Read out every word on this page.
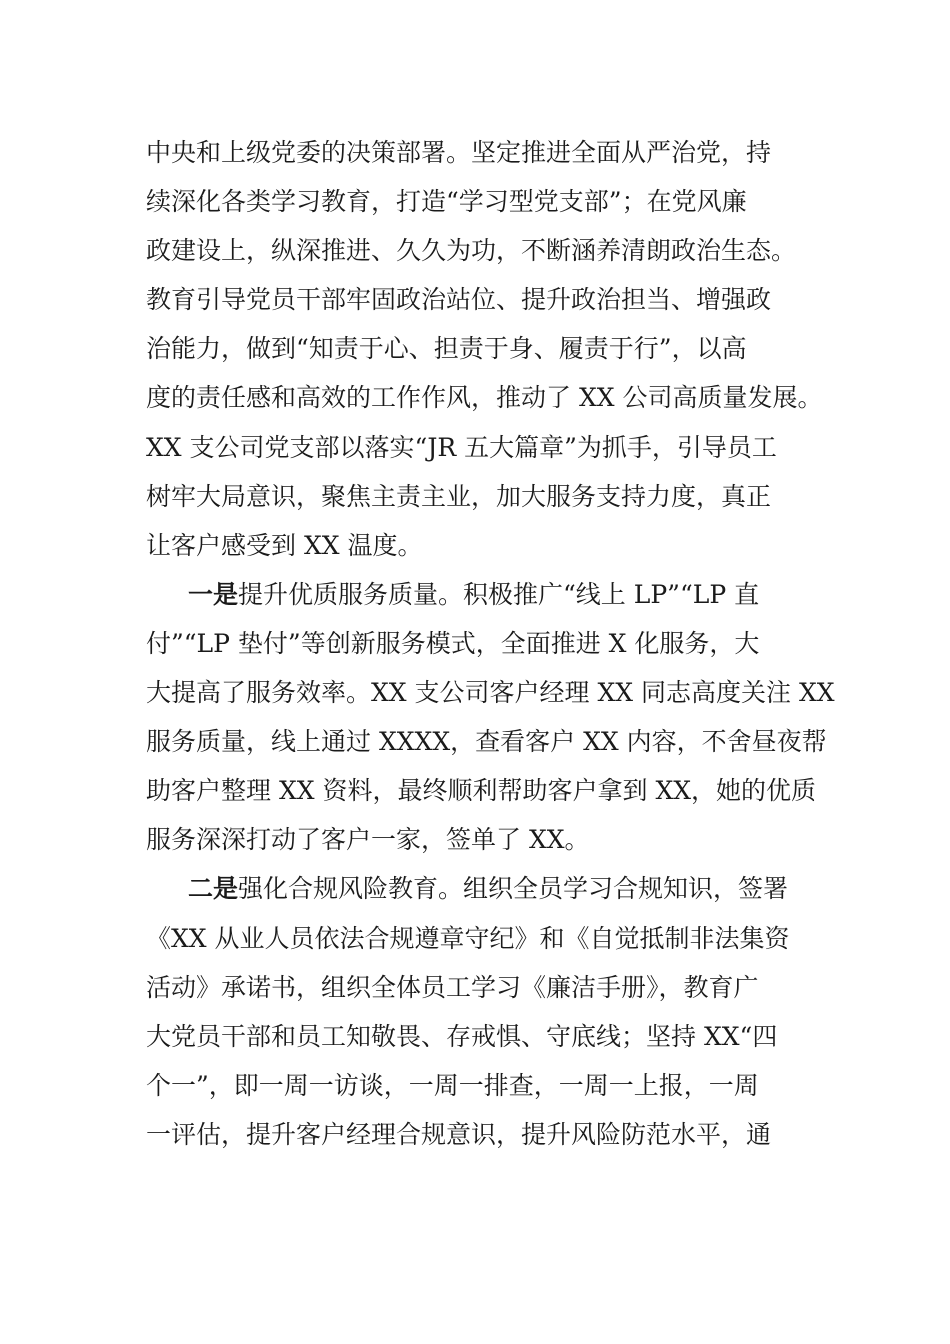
中央和上级党委的决策部署。坚定推进全面从严治党，持
续深化各类学习教育，打造“学习型党支部”；在党风廉
政建设上，纵深推进、久久为功，不断涵养清朗政治生态。
教育引导党员干部牢固政治站位、提升政治担当、增强政
治能力，做到“知责于心、担责于身、履责于行”，以高
度的责任感和高效的工作作风，推动了 XX 公司高质量发展。
XX 支公司党支部以落实“JR 五大篇章”为抓手，引导员工
树牢大局意识，聚焦主责主业，加大服务支持力度，真正
让客户感受到 XX 温度。
一是提升优质服务质量。积极推广“线上 LP”“LP 直
付”“LP 垫付”等创新服务模式，全面推进 X 化服务，大
大提高了服务效率。XX 支公司客户经理 XX 同志高度关注 XX
服务质量，线上通过 XXXX，查看客户 XX 内容，不舍昼夜帮
助客户整理 XX 资料，最终顺利帮助客户拿到 XX，她的优质
服务深深打动了客户一家，签单了 XX。
二是强化合规风险教育。组织全员学习合规知识，签署
《XX 从业人员依法合规遵章守纪》和《自觉抵制非法集资
活动》承诺书，组织全体员工学习《廉洁手册》，教育广
大党员干部和员工知敬畏、存戒惧、守底线；坚持 XX“四
个一”，即一周一访谈，一周一排查，一周一上报，一周
一评估，提升客户经理合规意识，提升风险防范水平，通
